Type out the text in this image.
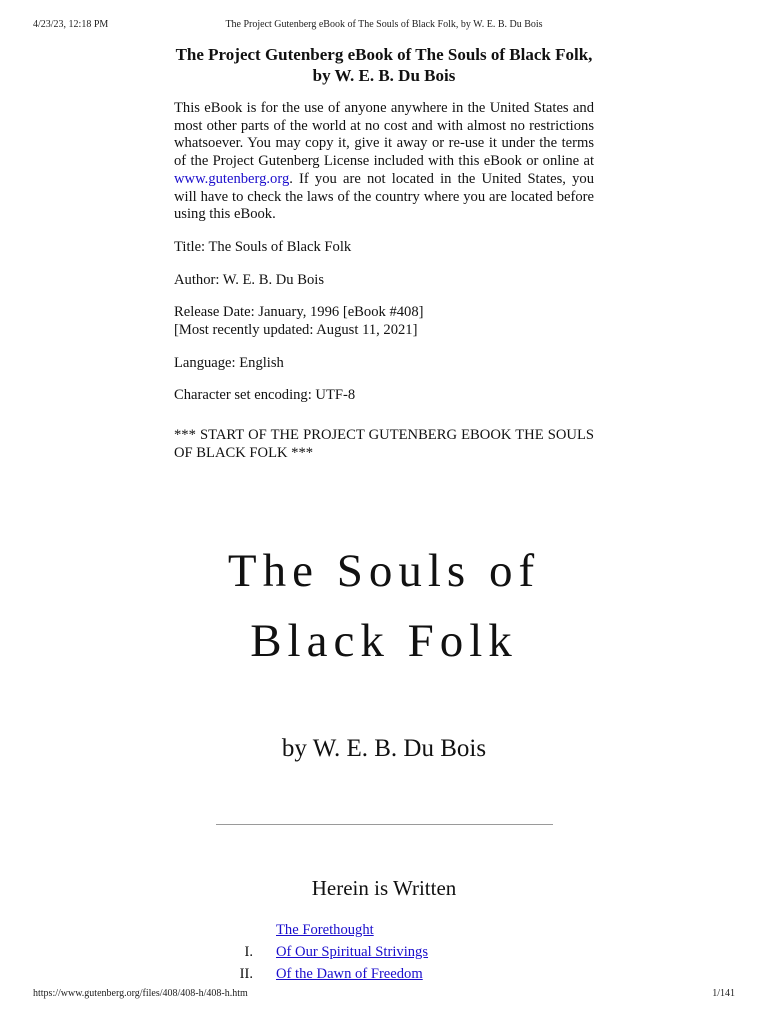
4/23/23, 12:18 PM	The Project Gutenberg eBook of The Souls of Black Folk, by W. E. B. Du Bois
The Project Gutenberg eBook of The Souls of Black Folk, by W. E. B. Du Bois

This eBook is for the use of anyone anywhere in the United States and most other parts of the world at no cost and with almost no restrictions whatsoever. You may copy it, give it away or re-use it under the terms of the Project Gutenberg License included with this eBook or online at www.gutenberg.org. If you are not located in the United States, you will have to check the laws of the country where you are located before using this eBook.

Title: The Souls of Black Folk

Author: W. E. B. Du Bois

Release Date: January, 1996 [eBook #408]
[Most recently updated: August 11, 2021]

Language: English

Character set encoding: UTF-8

*** START OF THE PROJECT GUTENBERG EBOOK THE SOULS OF BLACK FOLK ***

The Souls of
Black Folk
by W. E. B. Du Bois
Herein is Written
The Forethought
I. Of Our Spiritual Strivings
II. Of the Dawn of Freedom
https://www.gutenberg.org/files/408/408-h/408-h.htm	1/141
